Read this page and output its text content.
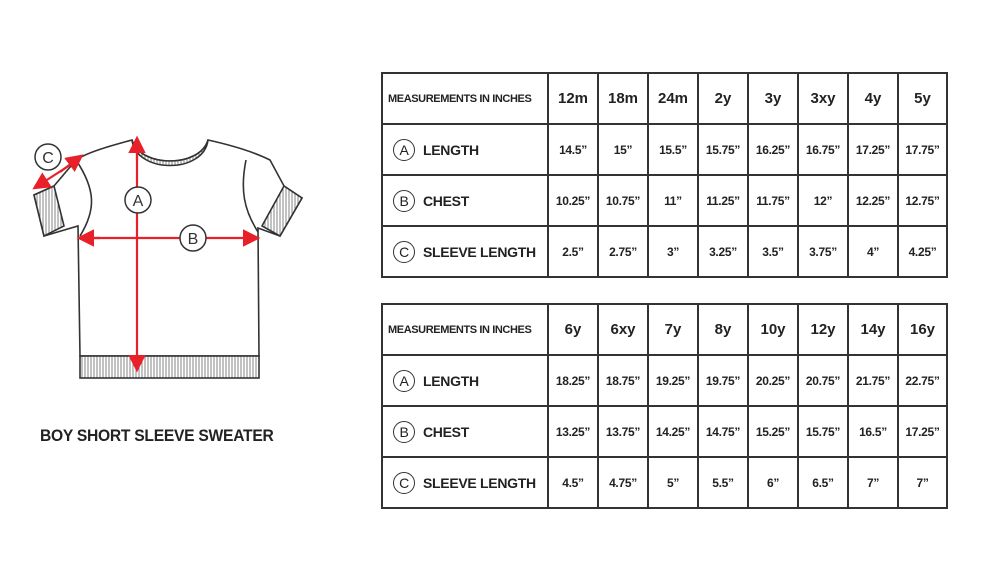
A
B
C
BOY SHORT SLEEVE SWEATER
MEASUREMENTS IN INCHES	12m	18m	24m	2y	3y	3xy	4y	5y
A LENGTH	14.5”	15”	15.5”	15.75”	16.25”	16.75”	17.25”	17.75”
B CHEST	10.25”	10.75”	11”	11.25”	11.75”	12”	12.25”	12.75”
C SLEEVE LENGTH	2.5”	2.75”	3”	3.25”	3.5”	3.75”	4”	4.25”
MEASUREMENTS IN INCHES	6y	6xy	7y	8y	10y	12y	14y	16y
A LENGTH	18.25”	18.75”	19.25”	19.75”	20.25”	20.75”	21.75”	22.75”
B CHEST	13.25”	13.75”	14.25”	14.75”	15.25”	15.75”	16.5”	17.25”
C SLEEVE LENGTH	4.5”	4.75”	5”	5.5”	6”	6.5”	7”	7”
